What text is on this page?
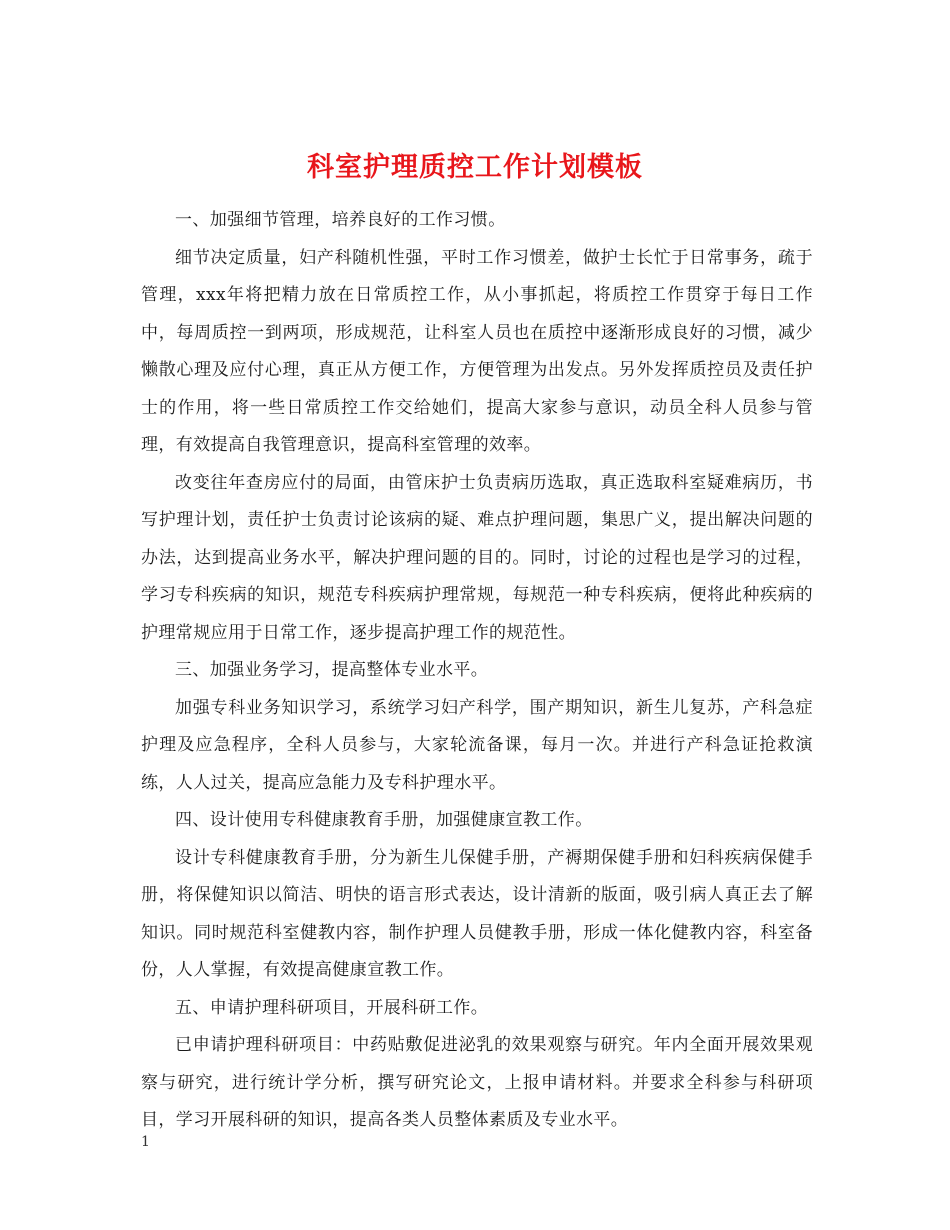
科室护理质控工作计划模板

一、加强细节管理，培养良好的工作习惯。

细节决定质量，妇产科随机性强，平时工作习惯差，做护士长忙于日常事务，疏于管理，xxx年将把精力放在日常质控工作，从小事抓起，将质控工作贯穿于每日工作中，每周质控一到两项，形成规范，让科室人员也在质控中逐渐形成良好的习惯，减少懒散心理及应付心理，真正从方便工作，方便管理为出发点。另外发挥质控员及责任护士的作用，将一些日常质控工作交给她们，提高大家参与意识，动员全科人员参与管理，有效提高自我管理意识，提高科室管理的效率。

改变往年查房应付的局面，由管床护士负责病历选取，真正选取科室疑难病历，书写护理计划，责任护士负责讨论该病的疑、难点护理问题，集思广义，提出解决问题的办法，达到提高业务水平，解决护理问题的目的。同时，讨论的过程也是学习的过程，学习专科疾病的知识，规范专科疾病护理常规，每规范一种专科疾病，便将此种疾病的护理常规应用于日常工作，逐步提高护理工作的规范性。

三、加强业务学习，提高整体专业水平。

加强专科业务知识学习，系统学习妇产科学，围产期知识，新生儿复苏，产科急症护理及应急程序，全科人员参与，大家轮流备课，每月一次。并进行产科急证抢救演练，人人过关，提高应急能力及专科护理水平。

四、设计使用专科健康教育手册，加强健康宣教工作。

设计专科健康教育手册，分为新生儿保健手册，产褥期保健手册和妇科疾病保健手册，将保健知识以简洁、明快的语言形式表达，设计清新的版面，吸引病人真正去了解知识。同时规范科室健教内容，制作护理人员健教手册，形成一体化健教内容，科室备份，人人掌握，有效提高健康宣教工作。

五、申请护理科研项目，开展科研工作。

已申请护理科研项目：中药贴敷促进泌乳的效果观察与研究。年内全面开展效果观察与研究，进行统计学分析，撰写研究论文，上报申请材料。并要求全科参与科研项目，学习开展科研的知识，提高各类人员整体素质及专业水平。

1
